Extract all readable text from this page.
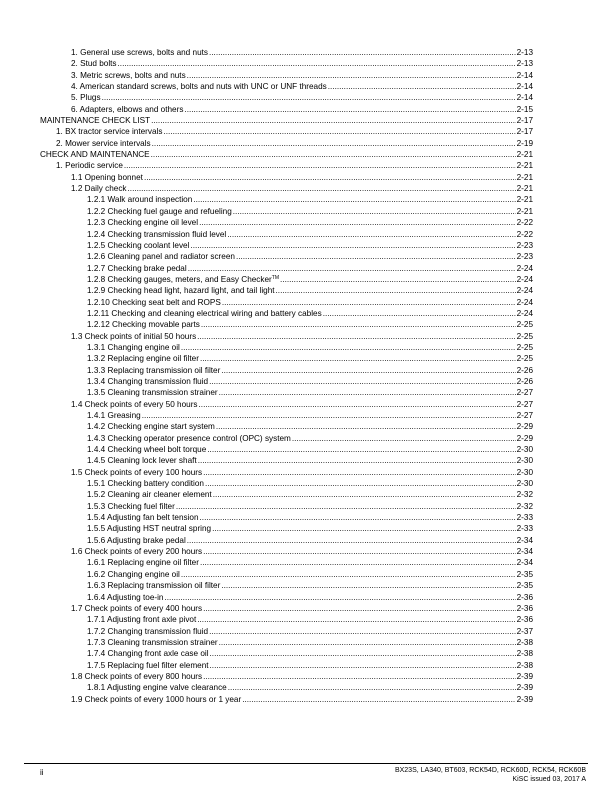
1. General use screws, bolts and nuts .....	2-13
2. Stud bolts .....	2-13
3. Metric screws, bolts and nuts .....	2-14
4. American standard screws, bolts and nuts with UNC or UNF threads .....	2-14
5. Plugs .....	2-14
6. Adapters, elbows and others .....	2-15
MAINTENANCE CHECK LIST .....	2-17
1. BX tractor service intervals .....	2-17
2. Mower service intervals .....	2-19
CHECK AND MAINTENANCE .....	2-21
1. Periodic service .....	2-21
1.1 Opening bonnet .....	2-21
1.2 Daily check .....	2-21
1.2.1 Walk around inspection .....	2-21
1.2.2 Checking fuel gauge and refueling .....	2-21
1.2.3 Checking engine oil level .....	2-22
1.2.4 Checking transmission fluid level .....	2-22
1.2.5 Checking coolant level .....	2-23
1.2.6 Cleaning panel and radiator screen .....	2-23
1.2.7 Checking brake pedal .....	2-24
1.2.8 Checking gauges, meters, and Easy Checker™ .....	2-24
1.2.9 Checking head light, hazard light, and tail light .....	2-24
1.2.10 Checking seat belt and ROPS .....	2-24
1.2.11 Checking and cleaning electrical wiring and battery cables .....	2-24
1.2.12 Checking movable parts .....	2-25
1.3 Check points of initial 50 hours .....	2-25
1.3.1 Changing engine oil .....	2-25
1.3.2 Replacing engine oil filter .....	2-25
1.3.3 Replacing transmission oil filter .....	2-26
1.3.4 Changing transmission fluid .....	2-26
1.3.5 Cleaning transmission strainer .....	2-27
1.4 Check points of every 50 hours .....	2-27
1.4.1 Greasing .....	2-27
1.4.2 Checking engine start system .....	2-29
1.4.3 Checking operator presence control (OPC) system .....	2-29
1.4.4 Checking wheel bolt torque .....	2-30
1.4.5 Cleaning lock lever shaft .....	2-30
1.5 Check points of every 100 hours .....	2-30
1.5.1 Checking battery condition .....	2-30
1.5.2 Cleaning air cleaner element .....	2-32
1.5.3 Checking fuel filter .....	2-32
1.5.4 Adjusting fan belt tension .....	2-33
1.5.5 Adjusting HST neutral spring .....	2-33
1.5.6 Adjusting brake pedal .....	2-34
1.6 Check points of every 200 hours .....	2-34
1.6.1 Replacing engine oil filter .....	2-34
1.6.2 Changing engine oil .....	2-35
1.6.3 Replacing transmission oil filter .....	2-35
1.6.4 Adjusting toe-in .....	2-36
1.7 Check points of every 400 hours .....	2-36
1.7.1 Adjusting front axle pivot .....	2-36
1.7.2 Changing transmission fluid .....	2-37
1.7.3 Cleaning transmission strainer .....	2-38
1.7.4 Changing front axle case oil .....	2-38
1.7.5 Replacing fuel filter element .....	2-38
1.8 Check points of every 800 hours .....	2-39
1.8.1 Adjusting engine valve clearance .....	2-39
1.9 Check points of every 1000 hours or 1 year .....	2-39
ii	BX23S, LA340, BT603, RCK54D, RCK60D, RCK54, RCK60B
KiSC issued 03, 2017 A
